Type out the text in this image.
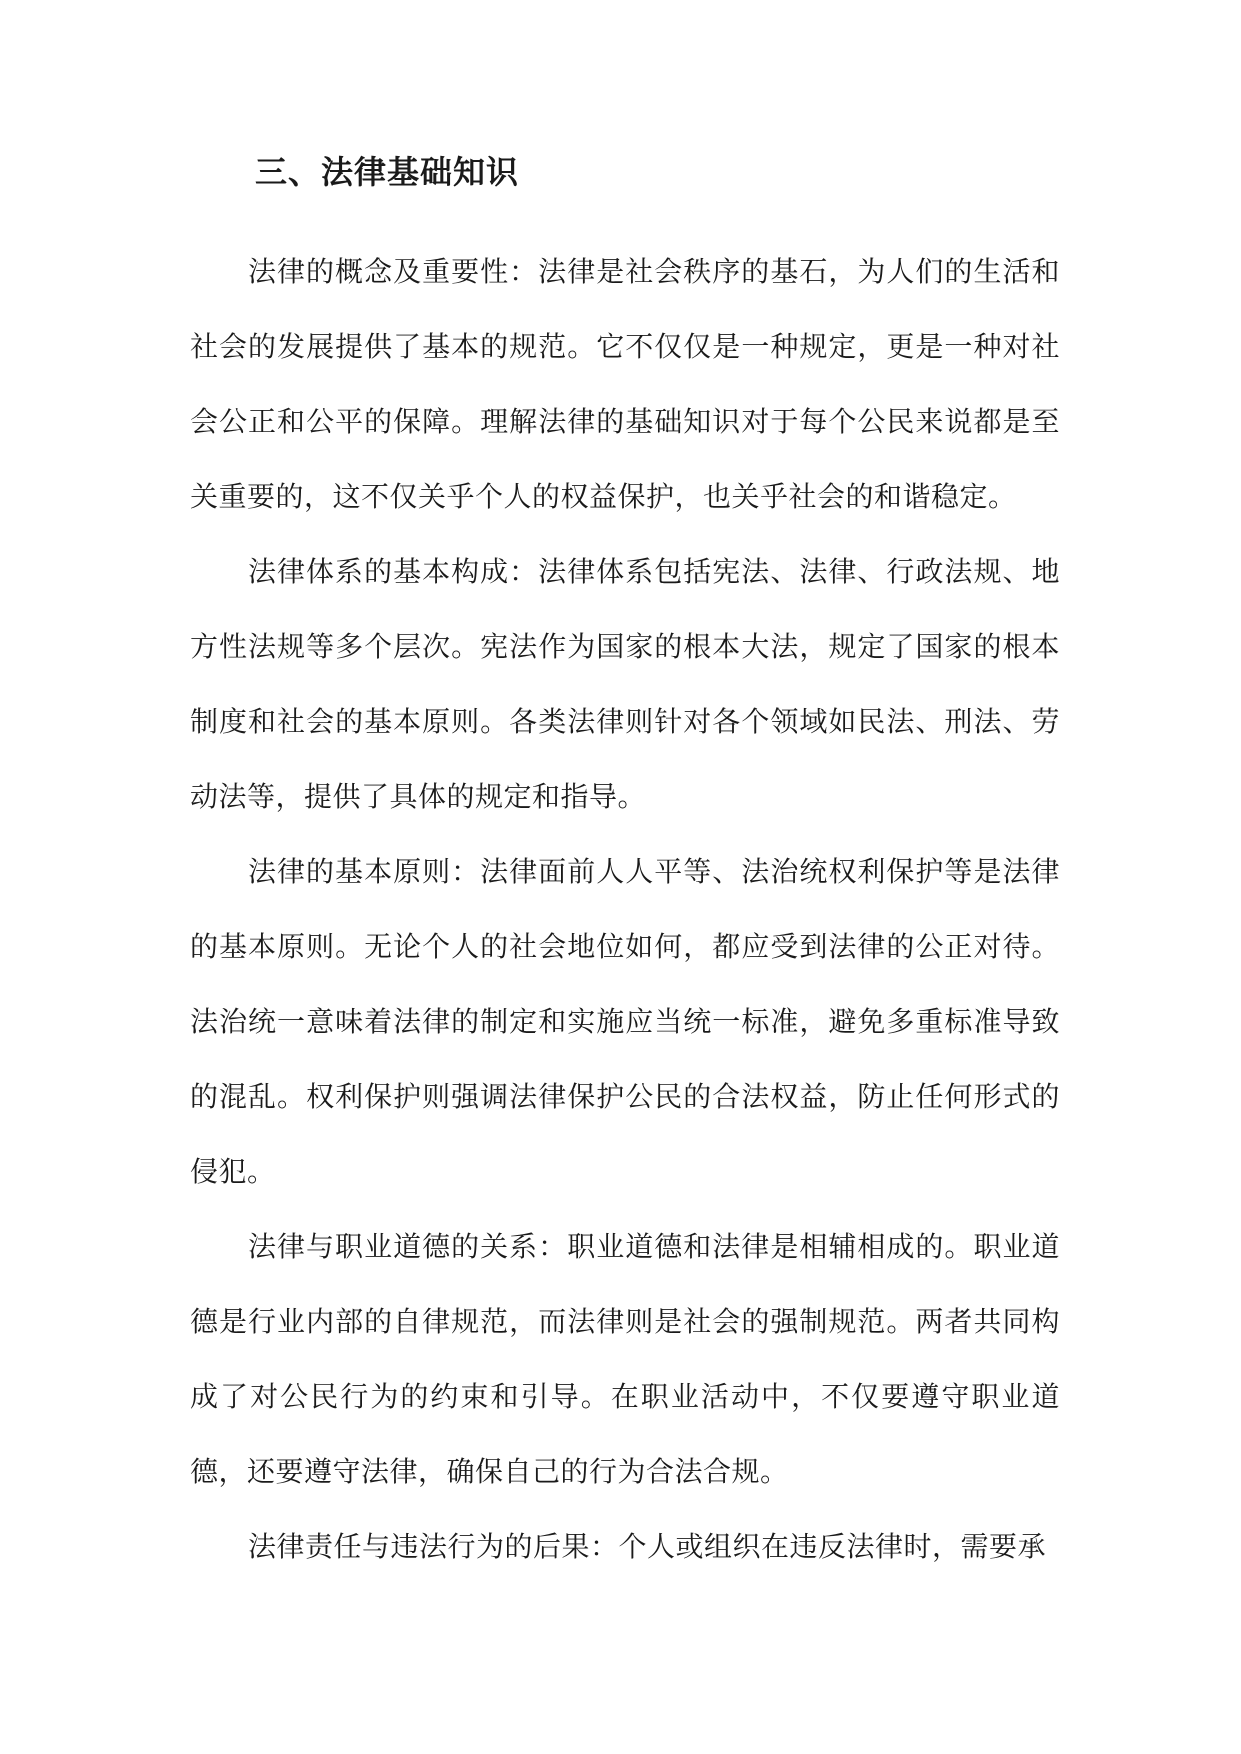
三、法律基础知识

法律的概念及重要性：法律是社会秩序的基石，为人们的生活和社会的发展提供了基本的规范。它不仅仅是一种规定，更是一种对社会公正和公平的保障。理解法律的基础知识对于每个公民来说都是至关重要的，这不仅关乎个人的权益保护，也关乎社会的和谐稳定。

法律体系的基本构成：法律体系包括宪法、法律、行政法规、地方性法规等多个层次。宪法作为国家的根本大法，规定了国家的根本制度和社会的基本原则。各类法律则针对各个领域如民法、刑法、劳动法等，提供了具体的规定和指导。

法律的基本原则：法律面前人人平等、法治统权利保护等是法律的基本原则。无论个人的社会地位如何，都应受到法律的公正对待。法治统一意味着法律的制定和实施应当统一标准，避免多重标准导致的混乱。权利保护则强调法律保护公民的合法权益，防止任何形式的侵犯。

法律与职业道德的关系：职业道德和法律是相辅相成的。职业道德是行业内部的自律规范，而法律则是社会的强制规范。两者共同构成了对公民行为的约束和引导。在职业活动中，不仅要遵守职业道德，还要遵守法律，确保自己的行为合法合规。

法律责任与违法行为的后果：个人或组织在违反法律时，需要承
